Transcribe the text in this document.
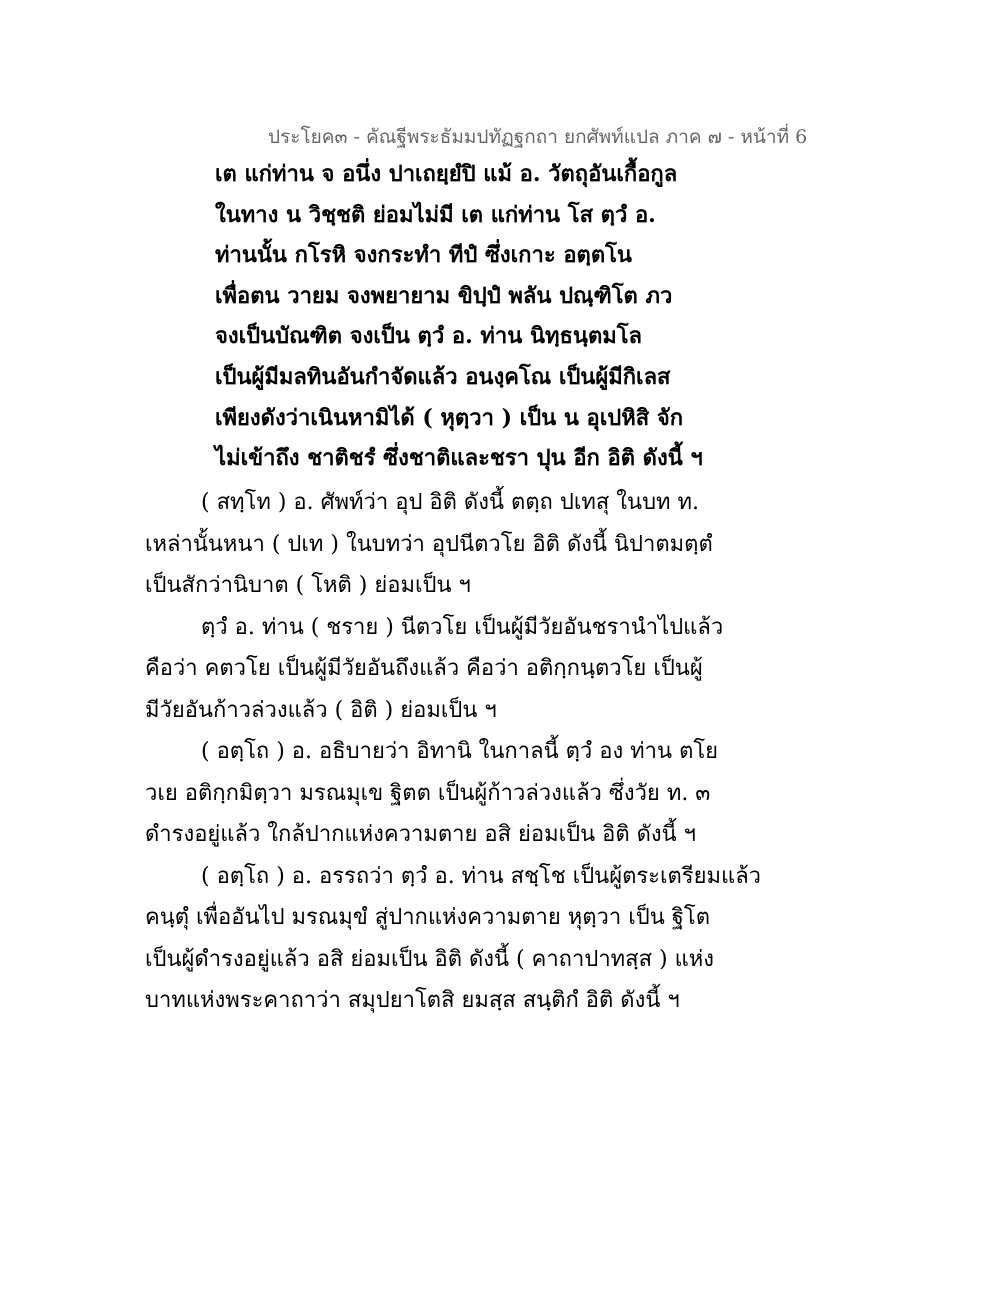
ประโยค๓ - คัณฐีพระธัมมปทัฏฐกถา ยกศัพท์แปล ภาค ๗ - หน้าที่ 6
เต แก่ท่าน จ อนึ่ง ปาเถยฺยํปิ แม้ อ. วัตถุอันเกื้อกูล
ในทาง น วิชฺชติ ย่อมไม่มี เต แก่ท่าน โส ตฺวํ อ.
ท่านนั้น กโรหิ จงกระทำ ทีปํ ซึ่งเกาะ อตฺตโน
เพื่อตน วายม จงพยายาม ขิปฺปํ พลัน ปณฺฑิโต ภว
จงเป็นบัณฑิต จงเป็น ตฺวํ อ. ท่าน นิทฺธนฺตมโล
เป็นผู้มีมลทินอันกำจัดแล้ว อนงฺคโณ เป็นผู้มีกิเลส
เพียงดังว่าเนินหามิได้ ( หุตฺวา ) เป็น น อุเปหิสิ จัก
ไม่เข้าถึง ชาติชรํ ซึ่งชาติและชรา ปุน อีก อิติ ดังนี้ ฯ
( สทฺโท ) อ. ศัพท์ว่า อุป อิติ ดังนี้ ตตฺถ ปเทสุ ในบท ท.
เหล่านั้นหนา ( ปเท ) ในบทว่า อุปนีตวโย อิติ ดังนี้ นิปาตมตฺตํ
เป็นสักว่านิบาต ( โหติ ) ย่อมเป็น ฯ
ตฺวํ อ. ท่าน ( ชราย ) นีตวโย เป็นผู้มีวัยอันชรานำไปแล้ว
คือว่า คตวโย เป็นผู้มีวัยอันถึงแล้ว คือว่า อติกฺกนฺตวโย เป็นผู้
มีวัยอันก้าวล่วงแล้ว ( อิติ ) ย่อมเป็น ฯ
( อตฺโถ ) อ. อธิบายว่า อิทานิ ในกาลนี้ ตฺวํ อง ท่าน ตโย
วเย อติกฺกมิตฺวา มรณมุเข ฐิตต เป็นผู้ก้าวล่วงแล้ว ซึ่งวัย ท. ๓
ดำรงอยู่แล้ว ใกล้ปากแห่งความตาย อสิ ย่อมเป็น อิติ ดังนี้ ฯ
( อตฺโถ ) อ. อรรถว่า ตฺวํ อ. ท่าน สชฺโช เป็นผู้ตระเตรียมแล้ว
คนฺตุํ เพื่ออันไป มรณมุขํ สู่ปากแห่งความตาย หุตฺวา เป็น ฐิโต
เป็นผู้ดำรงอยู่แล้ว อสิ ย่อมเป็น อิติ ดังนี้ ( คาถาปาทสฺส ) แห่ง
บาทแห่งพระคาถาว่า สมุปยาโตสิ ยมสฺส สนฺติกํ อิติ ดังนี้ ฯ
